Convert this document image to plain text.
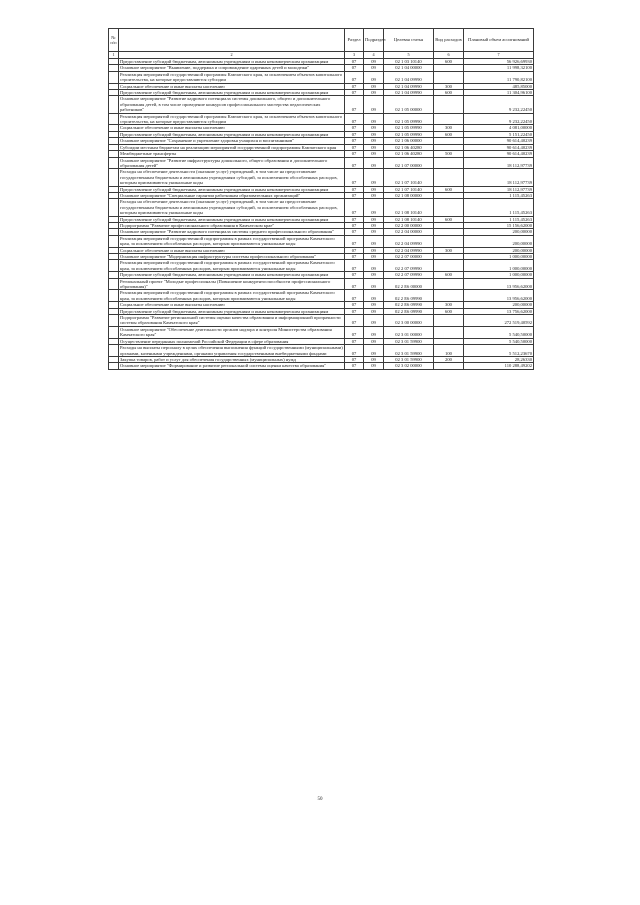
№ п/п		Раздел	Подраздел	Целевая статья	Вид расходов	Плановый объем ассигнований
1	2	3	4	5	6	7
	Предоставление субсидий бюджетным, автономным учреждениям и иным некоммерческим организациям	07	09	02 1 03 10140	600	56 926,69930
	Основное мероприятие "Выявление, поддержка и сопровождение одаренных детей и молодежи"	07	09	02 1 04 00000		11 998,32100
	Реализация мероприятий государственной программы Камчатского края, за исключением объектов капитального строительства, на которые предоставляются субсидии	07	09	02 1 04 09990		11 790,82100
	Социальное обеспечение и иные выплаты населению	07	09	02 1 04 09990	300	485,85000
	Предоставление субсидий бюджетным, автономным учреждениям и иным некоммерческим организациям	07	09	02 1 04 09990	600	11 304,96100
	Основное мероприятие "Развитие кадрового потенциала системы дошкольного, общего и дополнительного образования детей, в том числе проведение конкурсов профессионального мастерства педагогических работников"	07	09	02 1 05 00000		9 232,22450
	Реализация мероприятий государственной программы Камчатского края, за исключением объектов капитального строительства, на которые предоставляются субсидии	07	09	02 1 05 09990		9 232,22450
	Социальное обеспечение и иные выплаты населению	07	09	02 1 05 09990	300	4 081,00000
	Предоставление субсидий бюджетным, автономным учреждениям и иным некоммерческим организациям	07	09	02 1 05 09990	600	5 151,22450
	Основное мероприятие "Сохранение и укрепление здоровья учащихся и воспитанников"	07	09	02 1 06 00000		90 614,40239
	Субсидии местным бюджетам на реализацию мероприятий государственной подпрограммы Камчатского края	07	09	02 1 06 40280		90 614,40239
	Межбюджетные трансферты	07	09	02 1 06 40280	500	90 614,40239
	Основное мероприятие "Развитие инфраструктуры дошкольного, общего образования и дополнительного образования детей"	07	09	02 1 07 00000		18 112,97739
	Расходы на обеспечение деятельности (оказание услуг) учреждений, в том числе на предоставление государственным бюджетным и автономным учреждениям субсидий, за исключением обособленных расходов, которым присваиваются уникальные коды	07	09	02 1 07 10140		18 112,97739
	Предоставление субсидий бюджетным, автономным учреждениям и иным некоммерческим организациям	07	09	02 1 07 10140	600	18 112,97739
	Основное мероприятие "Специальные гарантии работникам образовательных организаций"	07	09	02 1 08 00000		1 115,45263
	Расходы на обеспечение деятельности (оказание услуг) учреждений, в том числе на предоставление государственным бюджетным и автономным учреждениям субсидий, за исключением обособленных расходов, которым присваиваются уникальные коды	07	09	02 1 08 10140		1 115,45263
	Предоставление субсидий бюджетным, автономным учреждениям и иным некоммерческим организациям	07	09	02 1 08 10140	600	1 115,45263
	Подпрограмма "Развитие профессионального образования в Камчатском крае"	07	09	02 2 00 00000		15 156,62000
	Основное мероприятие "Развитие кадрового потенциала системы среднего профессионального образования"	07	09	02 2 04 00000		200,00000
	Реализация мероприятий государственной подпрограммы в рамках государственной программы Камчатского края, за исключением обособленных расходов, которым присваиваются уникальные коды	07	09	02 2 04 09990		200,00000
	Социальное обеспечение и иные выплаты населению	07	09	02 2 04 09990	300	200,00000
	Основное мероприятие "Модернизация инфраструктуры системы профессионального образования"	07	09	02 2 07 00000		1 000,00000
	Реализация мероприятий государственной подпрограммы в рамках государственной программы Камчатского края, за исключением обособленных расходов, которым присваиваются уникальные коды	07	09	02 2 07 09990		1 000,00000
	Предоставление субсидий бюджетным, автономным учреждениям и иным некоммерческим организациям	07	09	02 2 07 09990	600	1 000,00000
	Региональный проект "Молодые профессионалы (Повышение конкурентоспособности профессионального образования)"	07	09	02 2 E6 00000		13 956,62000
	Реализация мероприятий государственной подпрограммы в рамках государственной программы Камчатского края, за исключением обособленных расходов, которым присваиваются уникальные коды	07	09	02 2 E6 09990		13 956,62000
	Социальное обеспечение и иные выплаты населению	07	09	02 2 E6 09990	300	200,00000
	Предоставление субсидий бюджетным, автономным учреждениям и иным некоммерческим организациям	07	09	02 2 E6 09990	600	13 756,62000
	Подпрограмма "Развитие региональной системы оценки качества образования и информационной прозрачности системы образования Камчатского края"	07	09	02 3 00 00000		272 519,40592
	Основное мероприятие "Обеспечение деятельности органов надзора и контроля Министерства образования Камчатского края"	07	09	02 3 01 00000		5 540,50000
	Осуществление переданных полномочий Российской Федерации в сфере образования	07	09	02 3 01 59900		5 540,50000
	Расходы на выплаты персоналу в целях обеспечения выполнения функций государственными (муниципальными) органами, казенными учреждениями, органами управления государственными внебюджетными фондами	07	09	02 3 01 59900	100	5 512,23670
	Закупка товаров, работ и услуг для обеспечения государственных (муниципальных) нужд	07	09	02 3 01 59900	200	28,26330
	Основное мероприятие "Формирование и развитие региональной системы оценки качества образования"	07	09	02 3 02 00000		110 288,49202
50
